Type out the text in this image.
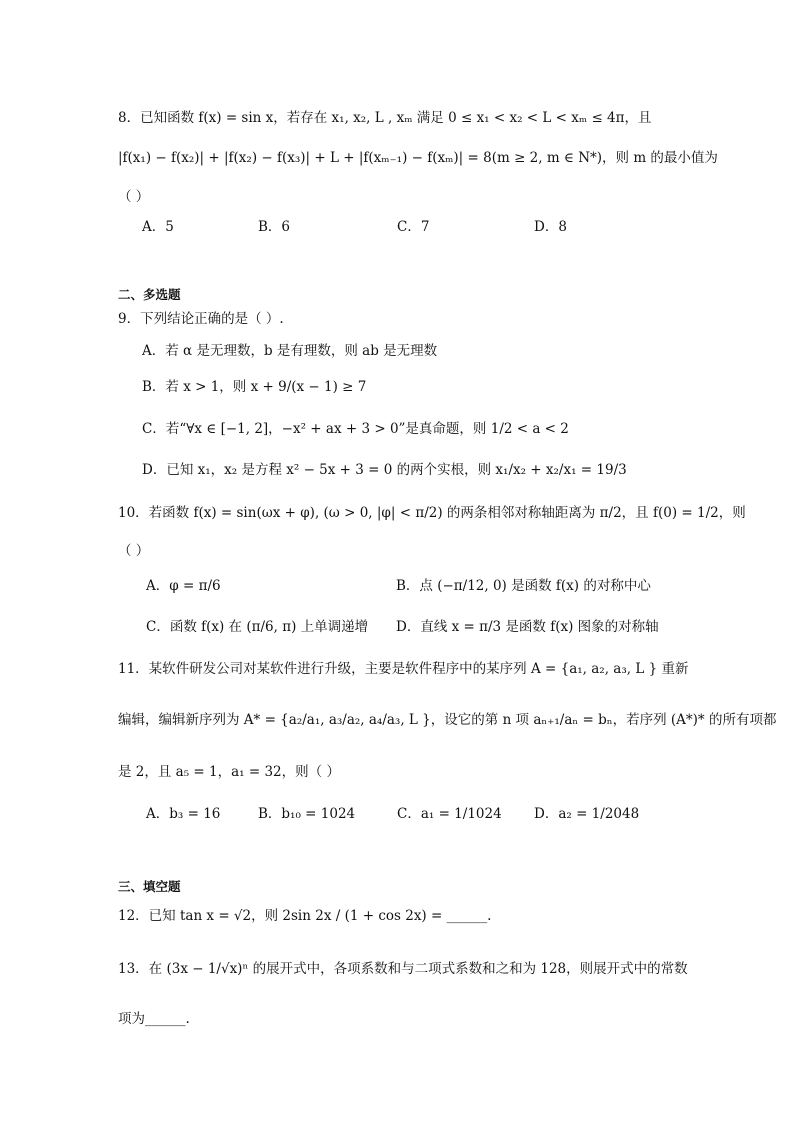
8．已知函数 f(x) = sin x，若存在 x₁, x₂, L , xₘ 满足 0 ≤ x₁ < x₂ < L < xₘ ≤ 4π，且
|f(x₁) − f(x₂)| + |f(x₂) − f(x₃)| + L + |f(xₘ₋₁) − f(xₘ)| = 8(m ≥ 2, m ∈ N*)，则 m 的最小值为
（ ）
A．5	B．6	C．7	D．8
二、多选题
9．下列结论正确的是（ ）.
A．若 α 是无理数，b 是有理数，则 ab 是无理数
B．若 x > 1，则 x + 9/(x − 1) ≥ 7
C．若“∀x ∈ [−1, 2]，−x² + ax + 3 > 0”是真命题，则 1/2 < a < 2
D．已知 x₁，x₂ 是方程 x² − 5x + 3 = 0 的两个实根，则 x₁/x₂ + x₂/x₁ = 19/3
10．若函数 f(x) = sin(ωx + φ), (ω > 0, |φ| < π/2) 的两条相邻对称轴距离为 π/2，且 f(0) = 1/2，则
（ ）
A．φ = π/6	B．点 (−π/12, 0) 是函数 f(x) 的对称中心
C．函数 f(x) 在 (π/6, π) 上单调递增 D．直线 x = π/3 是函数 f(x) 图象的对称轴
11．某软件研发公司对某软件进行升级，主要是软件程序中的某序列 A = {a₁, a₂, a₃, L } 重新
编辑，编辑新序列为 A* = {a₂/a₁, a₃/a₂, a₄/a₃, L }，设它的第 n 项 aₙ₊₁/aₙ = bₙ，若序列 (A*)* 的所有项都
是 2，且 a₅ = 1，a₁ = 32，则（ ）
A．b₃ = 16	B．b₁₀ = 1024	C．a₁ = 1/1024 D．a₂ = 1/2048
三、填空题
12．已知 tan x = √2，则 2sin 2x / (1 + cos 2x) = ______.
13．在 (3x − 1/√x)ⁿ 的展开式中，各项系数和与二项式系数和之和为 128，则展开式中的常数
项为______.
